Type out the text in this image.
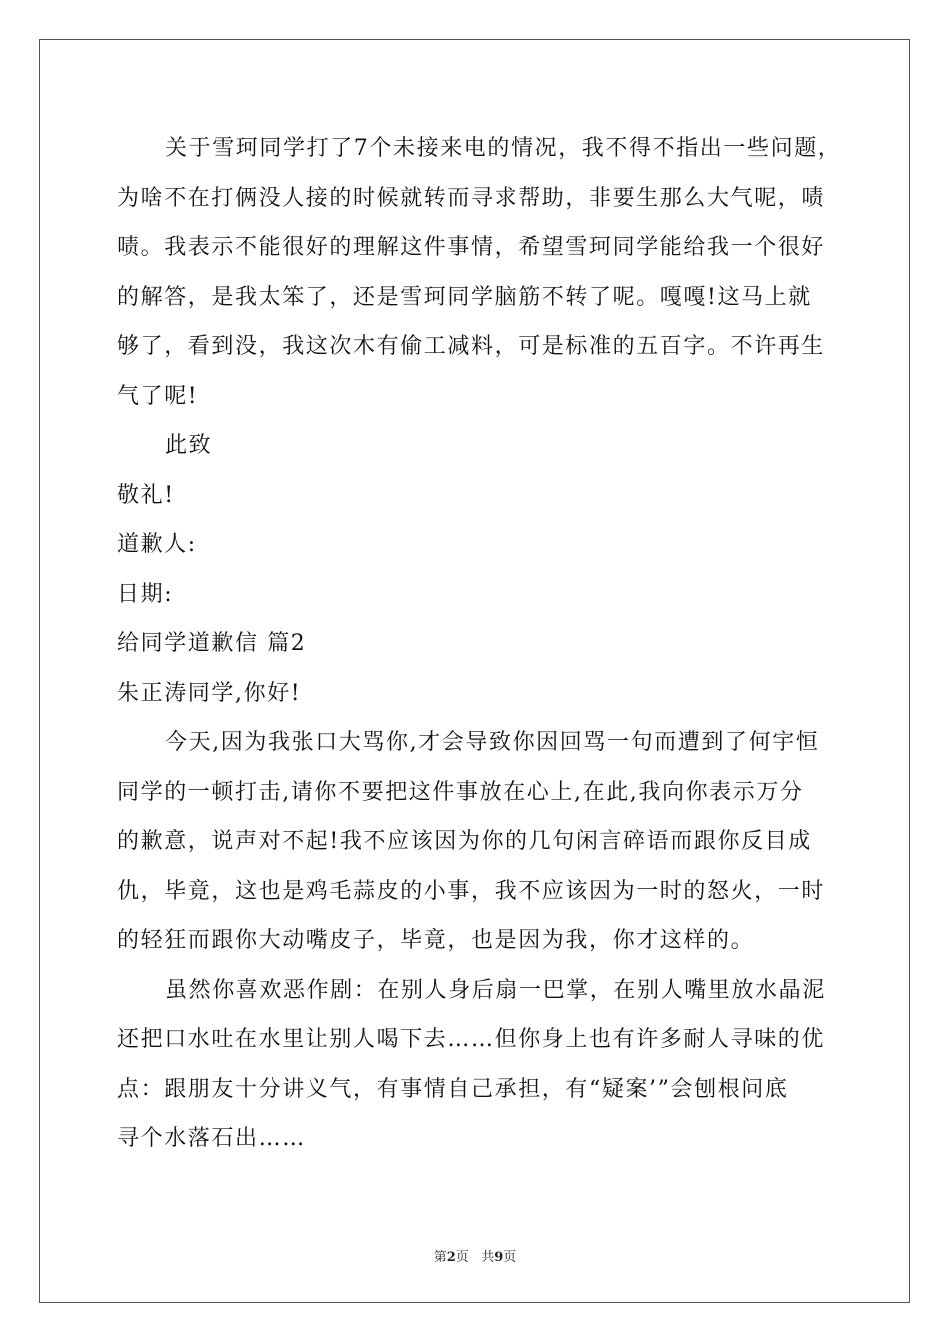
关于雪珂同学打了7个未接来电的情况，我不得不指出一些问题，
为啥不在打俩没人接的时候就转而寻求帮助，非要生那么大气呢，啧
啧。我表示不能很好的理解这件事情，希望雪珂同学能给我一个很好
的解答，是我太笨了，还是雪珂同学脑筋不转了呢。嘎嘎!这马上就
够了，看到没，我这次木有偷工减料，可是标准的五百字。不许再生
气了呢!
此致
敬礼!
道歉人:
日期:
给同学道歉信 篇2
朱正涛同学,你好!
今天,因为我张口大骂你,才会导致你因回骂一句而遭到了何宇恒
同学的一顿打击,请你不要把这件事放在心上,在此,我向你表示万分
的歉意，说声对不起!我不应该因为你的几句闲言碎语而跟你反目成
仇，毕竟，这也是鸡毛蒜皮的小事，我不应该因为一时的怒火，一时
的轻狂而跟你大动嘴皮子，毕竟，也是因为我，你才这样的。
虽然你喜欢恶作剧：在别人身后扇一巴掌，在别人嘴里放水晶泥
还把口水吐在水里让别人喝下去……但你身上也有许多耐人寻味的优
点：跟朋友十分讲义气，有事情自己承担，有“疑案’”会刨根问底
寻个水落石出……
第2页 共9页
